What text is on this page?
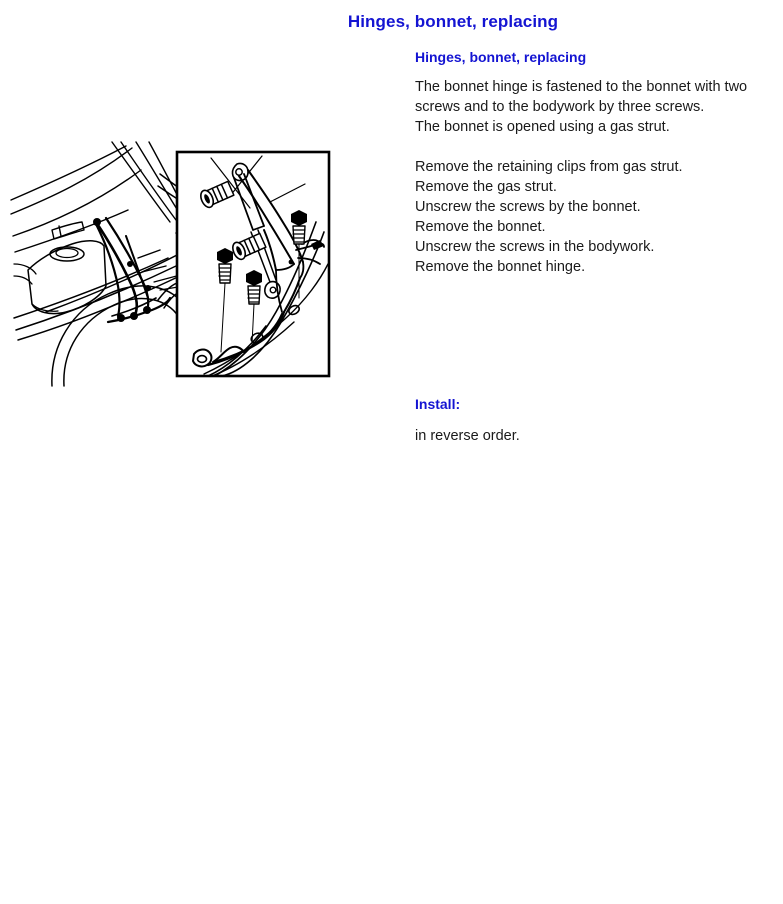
Hinges, bonnet, replacing
Hinges, bonnet, replacing

The bonnet hinge is fastened to the bonnet with two

screws and to the bodywork by three screws.

The bonnet is opened using a gas strut.

Remove the retaining clips from gas strut.

Remove the gas strut.

Unscrew the screws by the bonnet.

Remove the bonnet.

Unscrew the screws in the bodywork.

Remove the bonnet hinge.

Install:

in reverse order.
